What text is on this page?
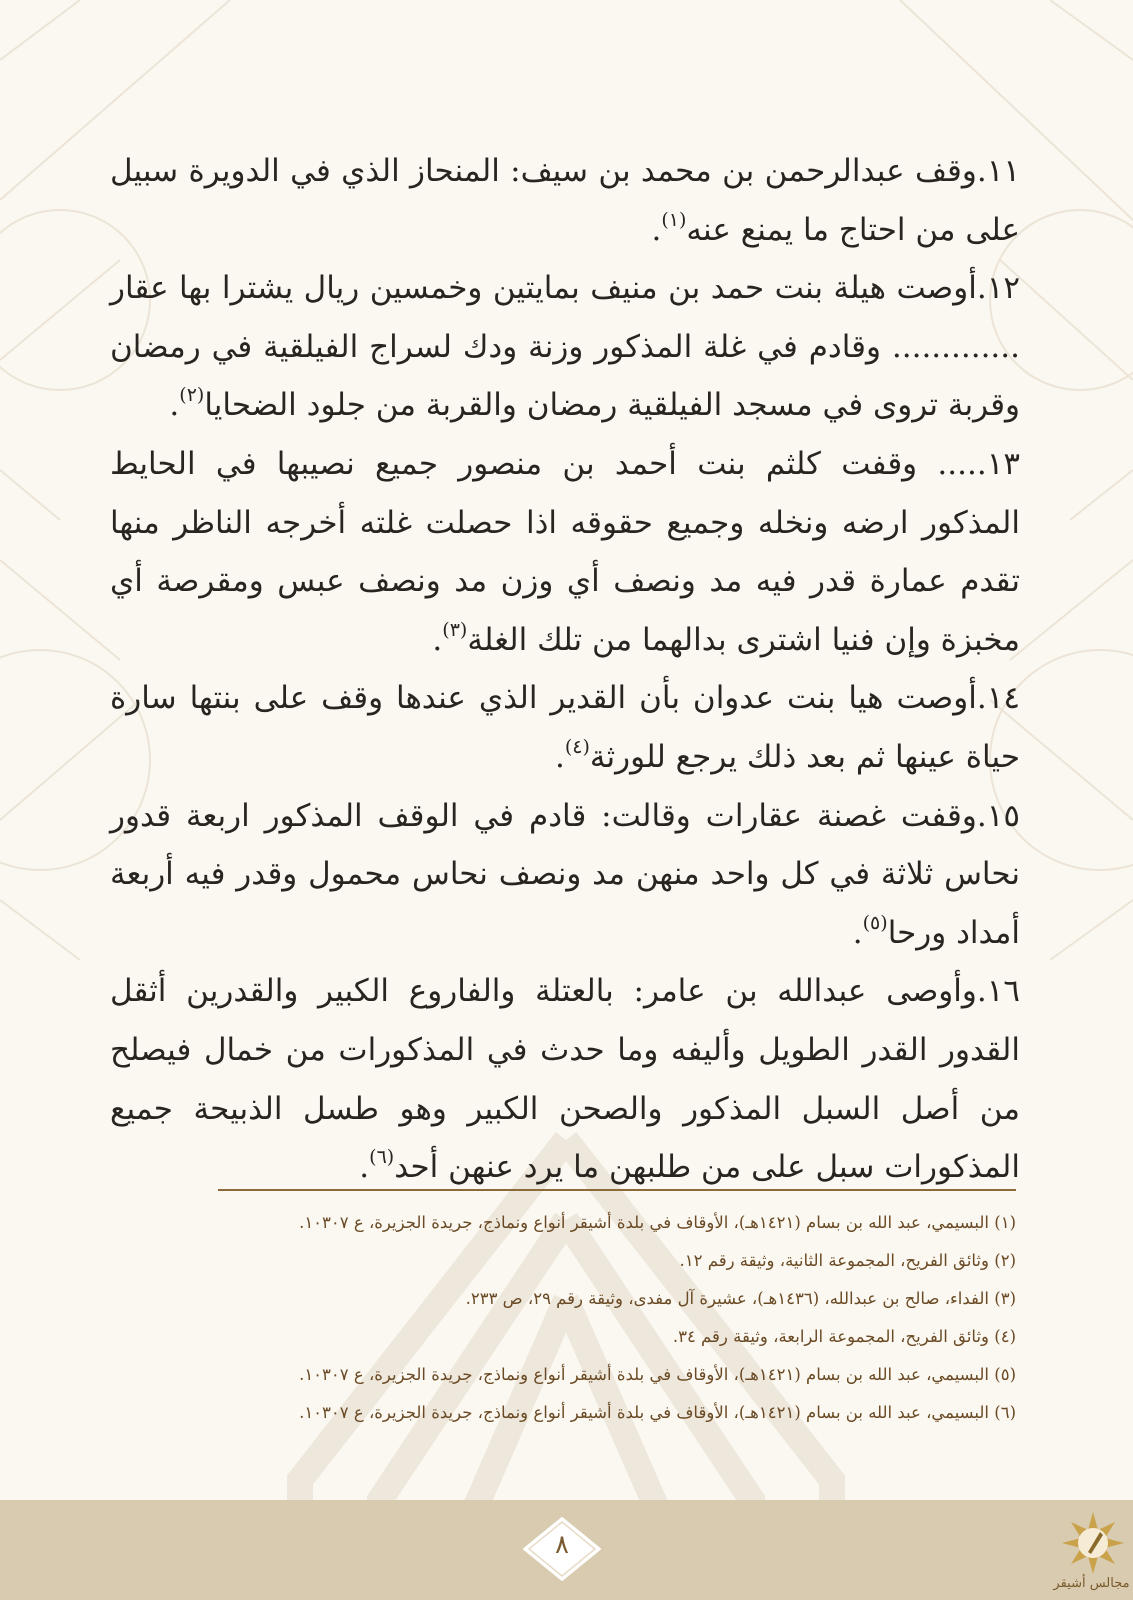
١١.وقف عبدالرحمن بن محمد بن سيف: المنحاز الذي في الدويرة سبيل على من احتاج ما يمنع عنه$^{(١)}$.

١٢.أوصت هيلة بنت حمد بن منيف بمايتين وخمسين ريال يشترا بها عقار ............. وقادم في غلة المذكور وزنة ودك لسراج الفيلقية في رمضان وقربة تروى في مسجد الفيلقية رمضان والقربة من جلود الضحايا$^{(٢)}$.

١٣..... وقفت كلثم بنت أحمد بن منصور جميع نصيبها في الحايط المذكور ارضه ونخله وجميع حقوقه اذا حصلت غلته أخرجه الناظر منها تقدم عمارة قدر فيه مد ونصف أي وزن مد ونصف عبس ومقرصة أي مخبزة وإن فنيا اشترى بدالهما من تلك الغلة$^{(٣)}$.

١٤.أوصت هيا بنت عدوان بأن القدير الذي عندها وقف على بنتها سارة حياة عينها ثم بعد ذلك يرجع للورثة$^{(٤)}$.

١٥.وقفت غصنة عقارات وقالت: قادم في الوقف المذكور اربعة قدور نحاس ثلاثة في كل واحد منهن مد ونصف نحاس محمول وقدر فيه أربعة أمداد ورحا$^{(٥)}$.

١٦.وأوصى عبدالله بن عامر: بالعتلة والفاروع الكبير والقدرين أثقل القدور القدر الطويل وأليفه وما حدث في المذكورات من خمال فيصلح من أصل السبل المذكور والصحن الكبير وهو طسل الذبيحة جميع المذكورات سبل على من طلبهن ما يرد عنهن أحد$^{(٦)}$.

(١) البسيمي، عبد الله بن بسام (١٤٢١هـ)، الأوقاف في بلدة أشيقر أنواع ونماذج، جريدة الجزيرة، ع ١٠٣٠٧.

(٢) وثائق الفريح، المجموعة الثانية، وثيقة رقم ١٢.

(٣) الفداء، صالح بن عبدالله، (١٤٣٦هـ)، عشيرة آل مفدى، وثيقة رقم ٢٩، ص ٢٣٣.

(٤) وثائق الفريح، المجموعة الرابعة، وثيقة رقم ٣٤.

(٥) البسيمي، عبد الله بن بسام (١٤٢١هـ)، الأوقاف في بلدة أشيقر أنواع ونماذج، جريدة الجزيرة، ع ١٠٣٠٧.

(٦) البسيمي، عبد الله بن بسام (١٤٢١هـ)، الأوقاف في بلدة أشيقر أنواع ونماذج، جريدة الجزيرة، ع ١٠٣٠٧.

٨
مجالس أشيقر
